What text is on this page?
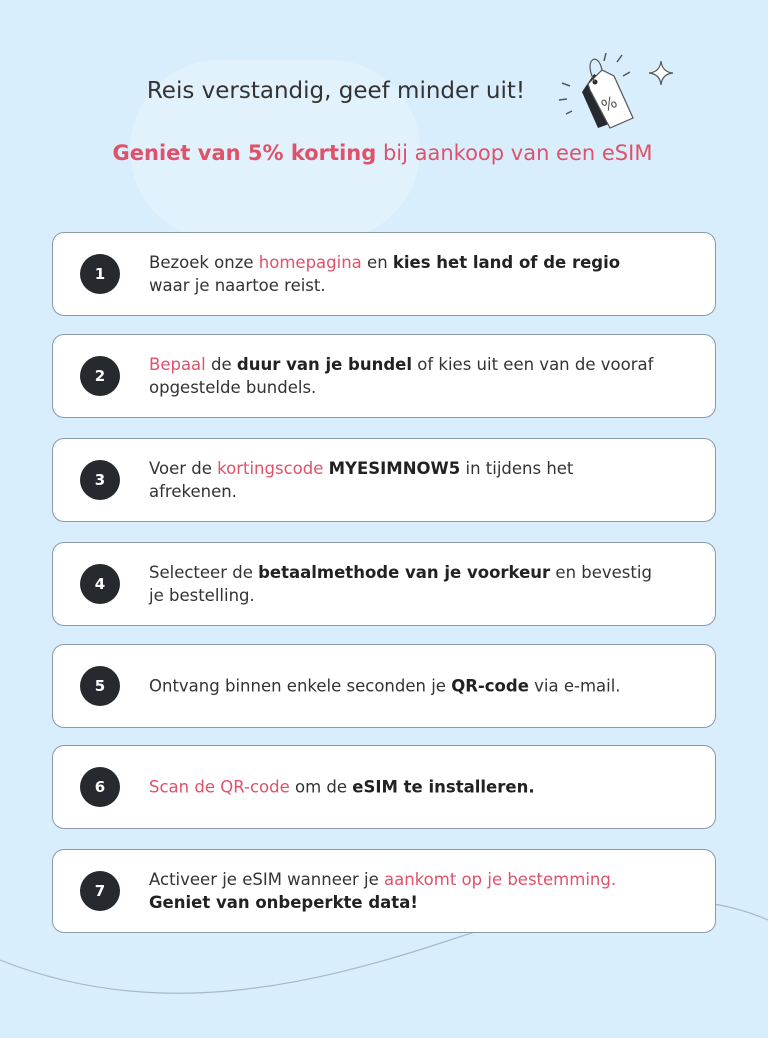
Reis verstandig, geef minder uit!
Geniet van 5% korting bij aankoop van een eSIM
%
1
Bezoek onze homepagina en kies het land of de regio waar je naartoe reist.
2
Bepaal de duur van je bundel of kies uit een van de vooraf opgestelde bundels.
3
Voer de kortingscode MYESIMNOW5 in tijdens het afrekenen.
4
Selecteer de betaalmethode van je voorkeur en bevestig je bestelling.
5	Ontvang binnen enkele seconden je QR-code via e-mail.
6	Scan de QR-code om de eSIM te installeren.
7
Activeer je eSIM wanneer je aankomt op je bestemming. Geniet van onbeperkte data!
